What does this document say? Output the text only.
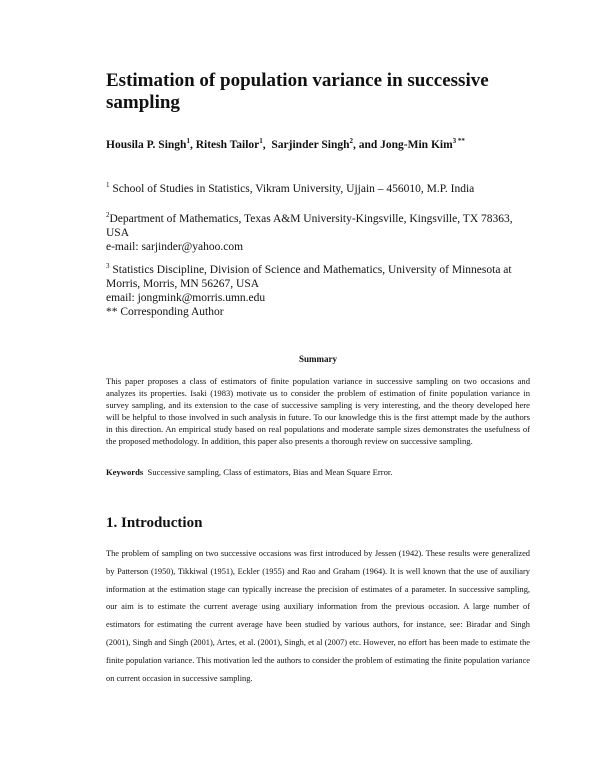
Estimation of population variance in successive sampling
Housila P. Singh$^1$, Ritesh Tailor$^1$,  Sarjinder Singh$^2$, and Jong-Min Kim$^{3 **}$
$^1$ School of Studies in Statistics, Vikram University, Ujjain – 456010, M.P. India
$^2$Department of Mathematics, Texas A&M University-Kingsville, Kingsville, TX 78363,
USA
e-mail: sarjinder@yahoo.com
$^3$ Statistics Discipline, Division of Science and Mathematics, University of Minnesota at
Morris, Morris, MN 56267, USA
email: jongmink@morris.umn.edu
** Corresponding Author
Summary
This paper proposes a class of estimators of finite population variance in successive sampling on two occasions and analyzes its properties. Isaki (1983) motivate us to consider the problem of estimation of finite population variance in survey sampling, and its extension to the case of successive sampling is very interesting, and the theory developed here will be helpful to those involved in such analysis in future. To our knowledge this is the first attempt made by the authors in this direction. An empirical study based on real populations and moderate sample sizes demonstrates the usefulness of the proposed methodology. In addition, this paper also presents a thorough review on successive sampling.
Keywords Successive sampling, Class of estimators, Bias and Mean Square Error.
1. Introduction
The problem of sampling on two successive occasions was first introduced by Jessen (1942). These results were generalized by Patterson (1950), Tikkiwal (1951), Eckler (1955) and Rao and Graham (1964). It is well known that the use of auxiliary information at the estimation stage can typically increase the precision of estimates of a parameter. In successive sampling, our aim is to estimate the current average using auxiliary information from the previous occasion. A large number of estimators for estimating the current average have been studied by various authors, for instance, see: Biradar and Singh (2001), Singh and Singh (2001), Artes, et al. (2001), Singh, et al (2007) etc. However, no effort has been made to estimate the finite population variance. This motivation led the authors to consider the problem of estimating the finite population variance on current occasion in successive sampling.
